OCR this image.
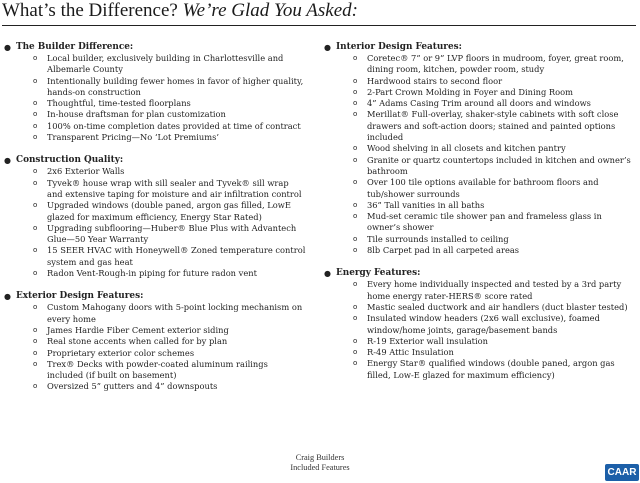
What’s the Difference? We’re Glad You Asked:
● The Builder Difference:
o Local builder, exclusively building in Charlottesville and Albemarle County
o Intentionally building fewer homes in favor of higher quality, hands-on construction
o Thoughtful, time-tested floorplans
o In-house draftsman for plan customization
o 100% on-time completion dates provided at time of contract
o Transparent Pricing—No ‘Lot Premiums’
● Construction Quality:
o 2x6 Exterior Walls
o Tyvek® house wrap with sill sealer and Tyvek® sill wrap and extensive taping for moisture and air infiltration control
o Upgraded windows (double paned, argon gas filled, LowE glazed for maximum efficiency, Energy Star Rated)
o Upgrading subflooring—Huber® Blue Plus with Advantech Glue—50 Year Warranty
o 15 SEER HVAC with Honeywell® Zoned temperature control system and gas heat
o Radon Vent-Rough-in piping for future radon vent
● Exterior Design Features:
o Custom Mahogany doors with 5-point locking mechanism on every home
o James Hardie Fiber Cement exterior siding
o Real stone accents when called for by plan
o Proprietary exterior color schemes
o Trex® Decks with powder-coated aluminum railings included (if built on basement)
o Oversized 5” gutters and 4” downspouts
● Interior Design Features:
o Coretec® 7” or 9” LVP floors in mudroom, foyer, great room, dining room, kitchen, powder room, study
o Hardwood stairs to second floor
o 2-Part Crown Molding in Foyer and Dining Room
o 4” Adams Casing Trim around all doors and windows
o Merillat® Full-overlay, shaker-style cabinets with soft close drawers and soft-action doors; stained and painted options included
o Wood shelving in all closets and kitchen pantry
o Granite or quartz countertops included in kitchen and owner’s bathroom
o Over 100 tile options available for bathroom floors and tub/shower surrounds
o 36” Tall vanities in all baths
o Mud-set ceramic tile shower pan and frameless glass in owner’s shower
o Tile surrounds installed to ceiling
o 8lb Carpet pad in all carpeted areas
● Energy Features:
o Every home individually inspected and tested by a 3rd party home energy rater-HERS® score rated
o Mastic sealed ductwork and air handlers (duct blaster tested)
o Insulated window headers (2x6 wall exclusive), foamed window/home joints, garage/basement bands
o R-19 Exterior wall insulation
o R-49 Attic Insulation
o Energy Star® qualified windows (double paned, argon gas filled, Low-E glazed for maximum efficiency)
Craig Builders
Included Features	CAAR
